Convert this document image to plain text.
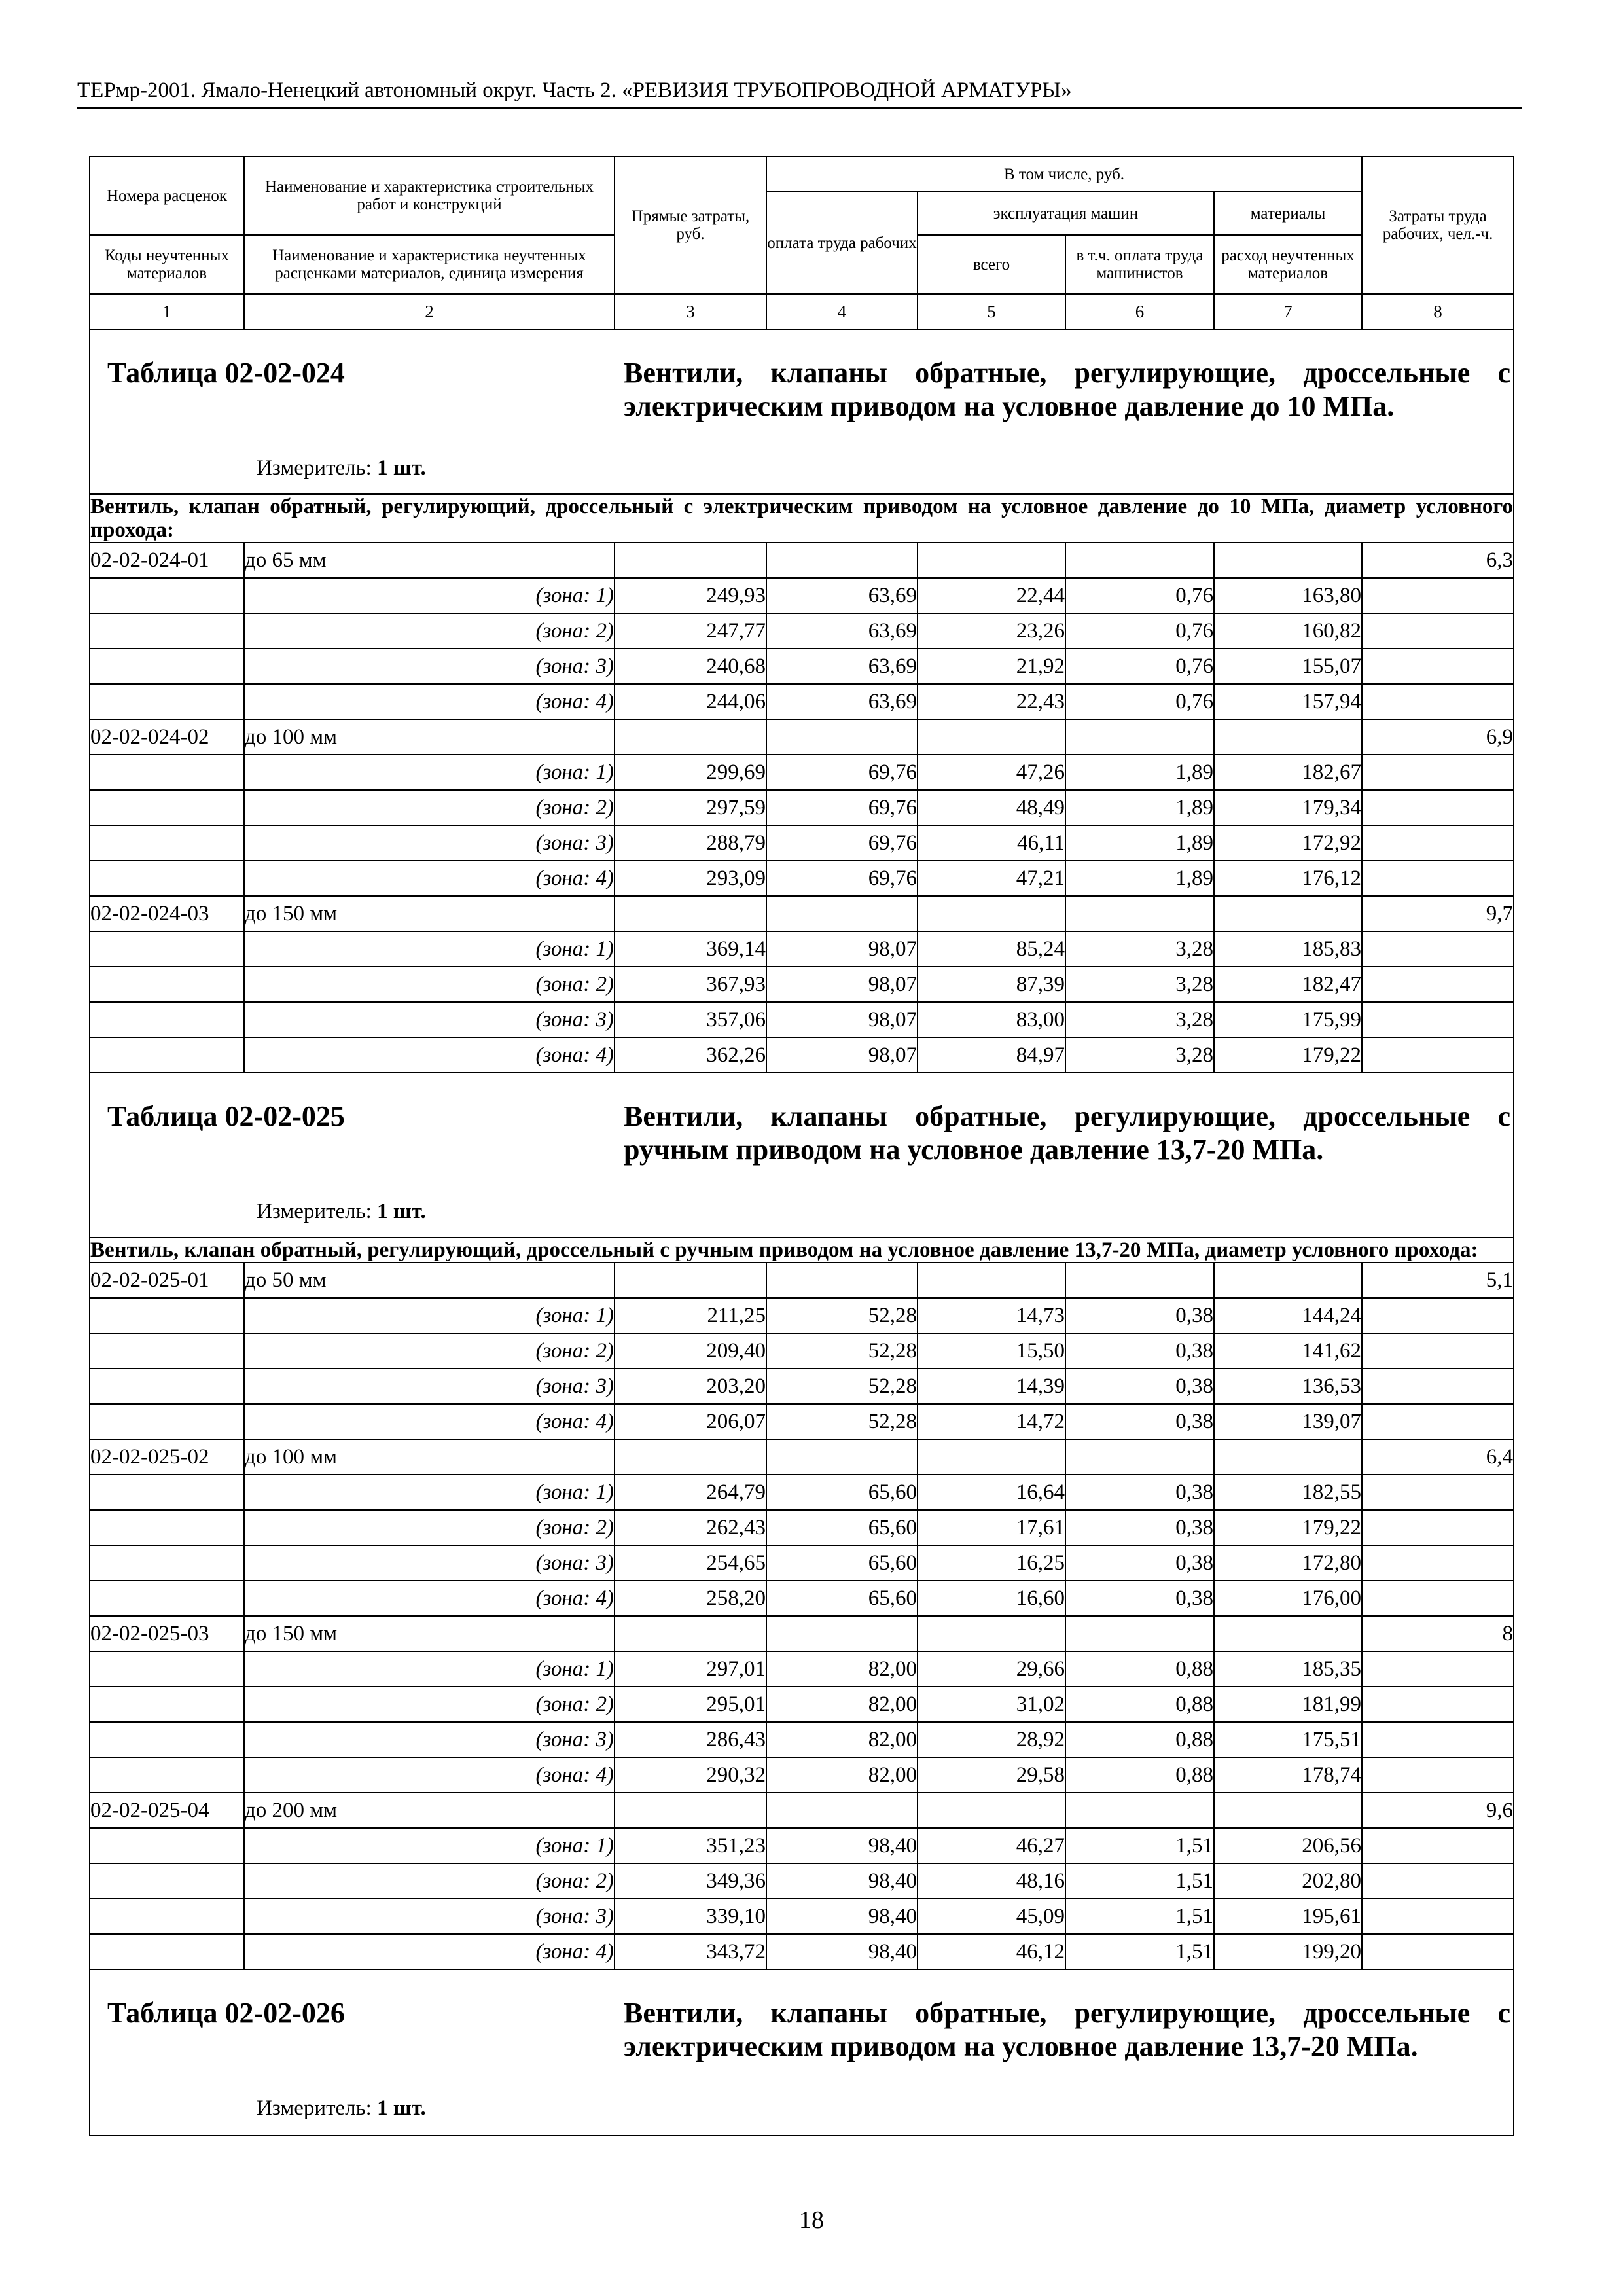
ТЕРмр-2001. Ямало-Ненецкий автономный округ. Часть 2. «РЕВИЗИЯ ТРУБОПРОВОДНОЙ АРМАТУРЫ»
Номера расценок	Наименование и характеристика строительных работ и конструкций	Прямые затраты, руб.	В том числе, руб.				Затраты труда рабочих, чел.-ч.
			оплата труда рабочих	эксплуатация машин		материалы	
Коды неучтенных материалов	Наименование и характеристика неучтенных расценками материалов, единица измерения			всего	в т.ч. оплата труда машинистов	расход неучтенных материалов	

1	2	3	4	5	6	7	8

Таблица 02-02-024 Вентили, клапаны обратные, регулирующие, дроссельные с электрическим приводом на условное давление до 10 МПа.
Измеритель: 1 шт.							

Вентиль, клапан обратный, регулирующий, дроссельный с электрическим приводом на условное давление до 10 МПа, диаметр условного прохода:							
02-02-024-01	до 65 мм						6,3
	(зона: 1)	249,93	63,69	22,44	0,76	163,80	
	(зона: 2)	247,77	63,69	23,26	0,76	160,82	
	(зона: 3)	240,68	63,69	21,92	0,76	155,07	
	(зона: 4)	244,06	63,69	22,43	0,76	157,94	
02-02-024-02	до 100 мм						6,9
	(зона: 1)	299,69	69,76	47,26	1,89	182,67	
	(зона: 2)	297,59	69,76	48,49	1,89	179,34	
	(зона: 3)	288,79	69,76	46,11	1,89	172,92	
	(зона: 4)	293,09	69,76	47,21	1,89	176,12	
02-02-024-03	до 150 мм						9,7
	(зона: 1)	369,14	98,07	85,24	3,28	185,83	
	(зона: 2)	367,93	98,07	87,39	3,28	182,47	
	(зона: 3)	357,06	98,07	83,00	3,28	175,99	
	(зона: 4)	362,26	98,07	84,97	3,28	179,22	

Таблица 02-02-025 Вентили, клапаны обратные, регулирующие, дроссельные с ручным приводом на условное давление 13,7-20 МПа.
Измеритель: 1 шт.							

Вентиль, клапан обратный, регулирующий, дроссельный с ручным приводом на условное давление 13,7-20 МПа, диаметр условного прохода:							
02-02-025-01	до 50 мм						5,1
	(зона: 1)	211,25	52,28	14,73	0,38	144,24	
	(зона: 2)	209,40	52,28	15,50	0,38	141,62	
	(зона: 3)	203,20	52,28	14,39	0,38	136,53	
	(зона: 4)	206,07	52,28	14,72	0,38	139,07	
02-02-025-02	до 100 мм						6,4
	(зона: 1)	264,79	65,60	16,64	0,38	182,55	
	(зона: 2)	262,43	65,60	17,61	0,38	179,22	
	(зона: 3)	254,65	65,60	16,25	0,38	172,80	
	(зона: 4)	258,20	65,60	16,60	0,38	176,00	
02-02-025-03	до 150 мм						8
	(зона: 1)	297,01	82,00	29,66	0,88	185,35	
	(зона: 2)	295,01	82,00	31,02	0,88	181,99	
	(зона: 3)	286,43	82,00	28,92	0,88	175,51	
	(зона: 4)	290,32	82,00	29,58	0,88	178,74	
02-02-025-04	до 200 мм						9,6
	(зона: 1)	351,23	98,40	46,27	1,51	206,56	
	(зона: 2)	349,36	98,40	48,16	1,51	202,80	
	(зона: 3)	339,10	98,40	45,09	1,51	195,61	
	(зона: 4)	343,72	98,40	46,12	1,51	199,20	

Таблица 02-02-026 Вентили, клапаны обратные, регулирующие, дроссельные с электрическим приводом на условное давление 13,7-20 МПа.
Измеритель: 1 шт.							
18
